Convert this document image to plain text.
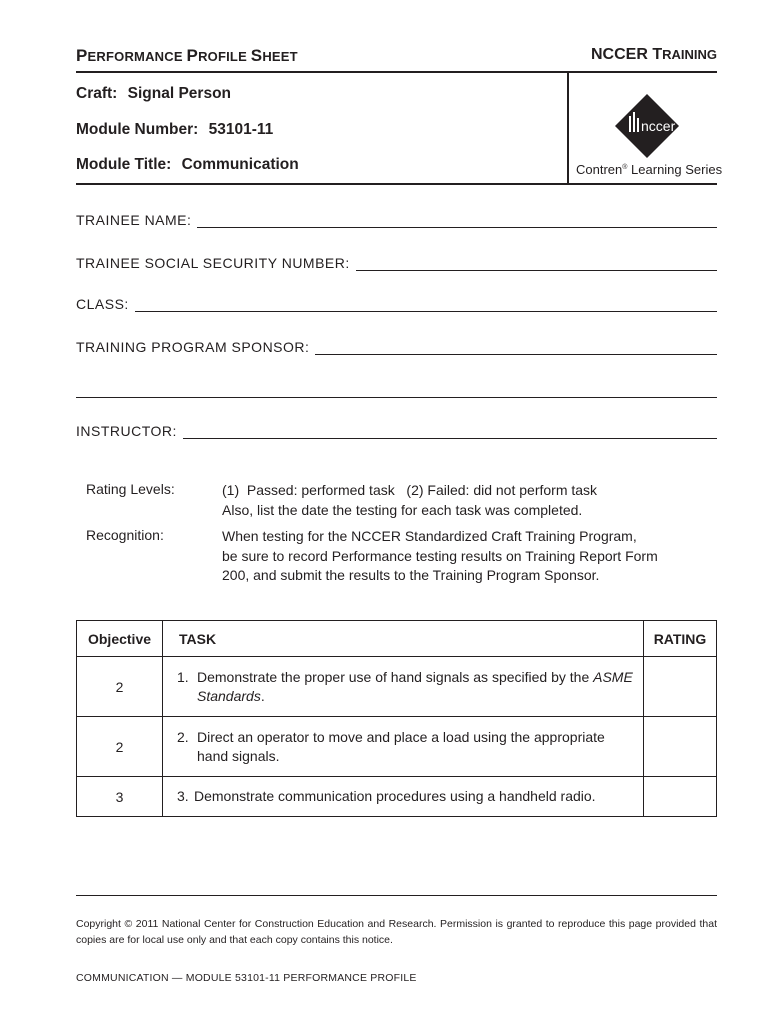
PERFORMANCE PROFILE SHEET	NCCER TRAINING
Craft: Signal Person
Module Number: 53101-11
Module Title: Communication
nccer
Contren® Learning Series
TRAINEE NAME:
TRAINEE SOCIAL SECURITY NUMBER:
CLASS:
TRAINING PROGRAM SPONSOR:
INSTRUCTOR:
Rating Levels:	(1)  Passed: performed task   (2) Failed: did not perform task
Also, list the date the testing for each task was completed.
Recognition:	When testing for the NCCER Standardized Craft Training Program,
be sure to record Performance testing results on Training Report Form
200, and submit the results to the Training Program Sponsor.
Objective	TASK	RATING
2	1. Demonstrate the proper use of hand signals as specified by the ASME Standards.	

2	2. Direct an operator to move and place a load using the appropriate hand signals.	

3	3. Demonstrate communication procedures using a handheld radio.	

Copyright © 2011 National Center for Construction Education and Research. Permission is granted to reproduce this page provided that copies are for local use only and that each copy contains this notice.
COMMUNICATION — MODULE 53101-11 PERFORMANCE PROFILE
